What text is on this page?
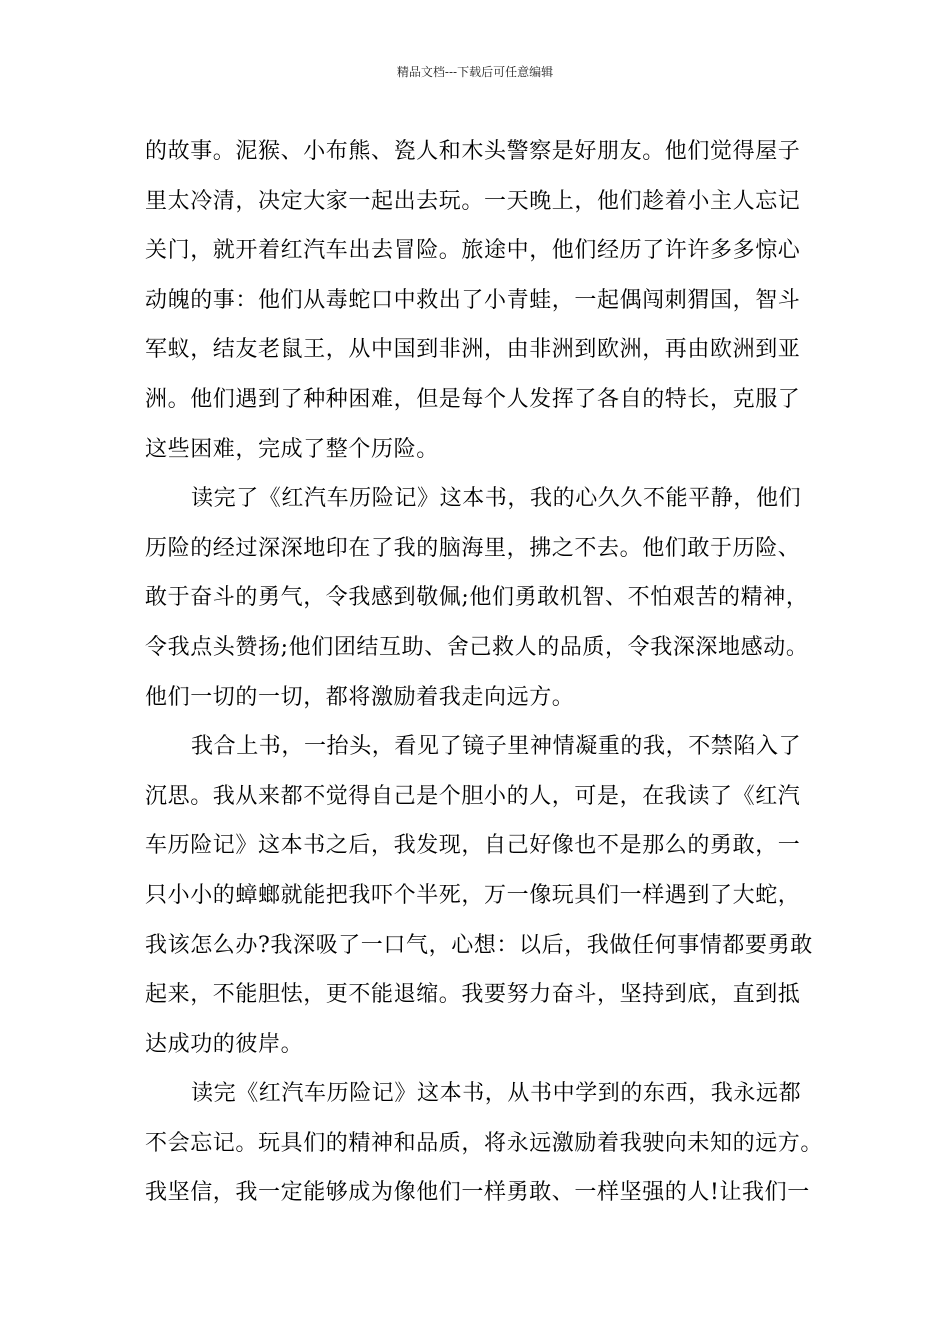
精品文档---下载后可任意编辑
的故事。泥猴、小布熊、瓷人和木头警察是好朋友。他们觉得屋子
里太冷清，决定大家一起出去玩。一天晚上，他们趁着小主人忘记
关门，就开着红汽车出去冒险。旅途中，他们经历了许许多多惊心
动魄的事：他们从毒蛇口中救出了小青蛙，一起偶闯刺猬国，智斗
军蚁，结友老鼠王，从中国到非洲，由非洲到欧洲，再由欧洲到亚
洲。他们遇到了种种困难，但是每个人发挥了各自的特长，克服了
这些困难，完成了整个历险。
读完了《红汽车历险记》这本书，我的心久久不能平静，他们
历险的经过深深地印在了我的脑海里，拂之不去。他们敢于历险、
敢于奋斗的勇气，令我感到敬佩;他们勇敢机智、不怕艰苦的精神，
令我点头赞扬;他们团结互助、舍己救人的品质，令我深深地感动。
他们一切的一切，都将激励着我走向远方。
我合上书，一抬头，看见了镜子里神情凝重的我，不禁陷入了
沉思。我从来都不觉得自己是个胆小的人，可是，在我读了《红汽
车历险记》这本书之后，我发现，自己好像也不是那么的勇敢，一
只小小的蟑螂就能把我吓个半死，万一像玩具们一样遇到了大蛇，
我该怎么办?我深吸了一口气，心想：以后，我做任何事情都要勇敢
起来，不能胆怯，更不能退缩。我要努力奋斗，坚持到底，直到抵
达成功的彼岸。
读完《红汽车历险记》这本书，从书中学到的东西，我永远都
不会忘记。玩具们的精神和品质，将永远激励着我驶向未知的远方。
我坚信，我一定能够成为像他们一样勇敢、一样坚强的人!让我们一
